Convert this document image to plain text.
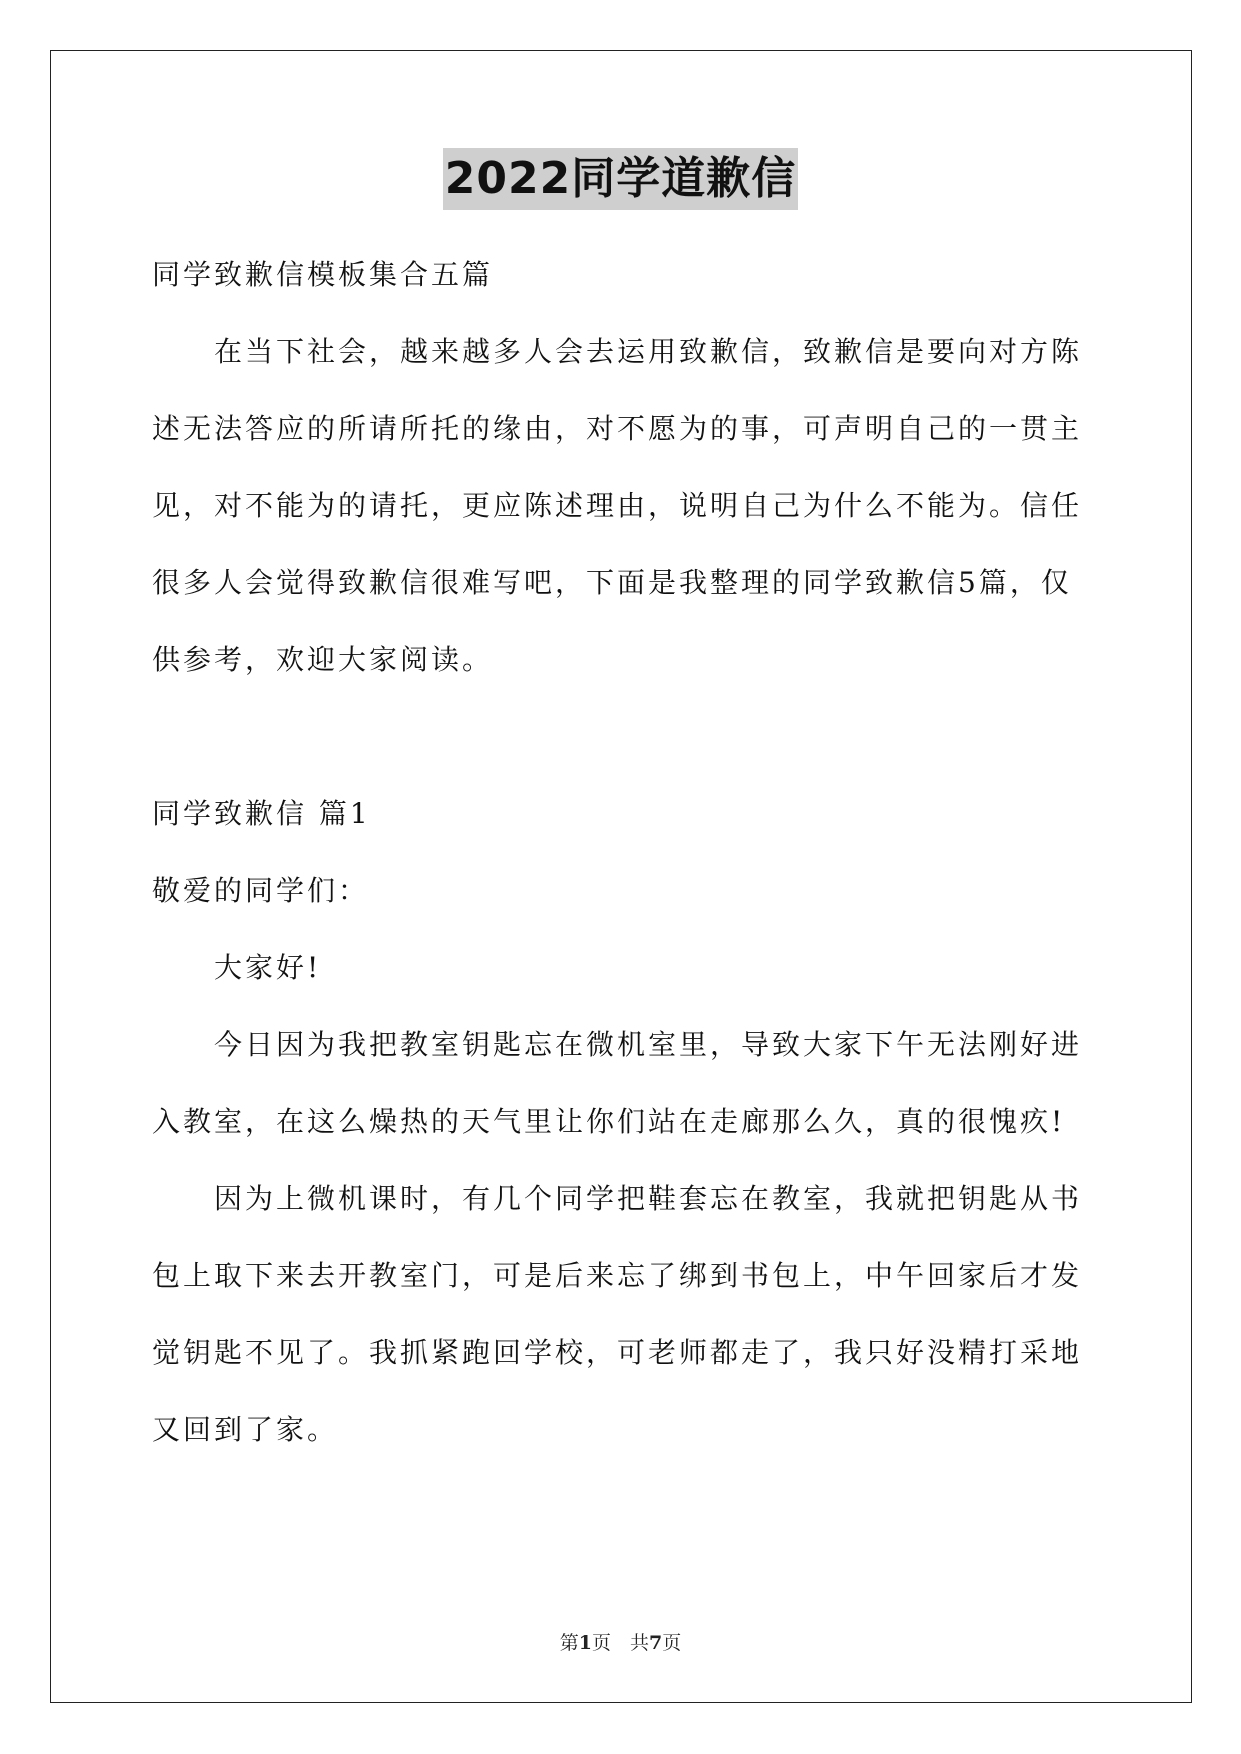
2022同学道歉信

同学致歉信模板集合五篇

在当下社会，越来越多人会去运用致歉信，致歉信是要向对方陈述无法答应的所请所托的缘由，对不愿为的事，可声明自己的一贯主见，对不能为的请托，更应陈述理由，说明自己为什么不能为。信任很多人会觉得致歉信很难写吧，下面是我整理的同学致歉信5篇，仅供参考，欢迎大家阅读。

同学致歉信 篇1

敬爱的同学们：

大家好!

今日因为我把教室钥匙忘在微机室里，导致大家下午无法刚好进入教室，在这么燥热的天气里让你们站在走廊那么久，真的很愧疚!

因为上微机课时，有几个同学把鞋套忘在教室，我就把钥匙从书包上取下来去开教室门，可是后来忘了绑到书包上，中午回家后才发觉钥匙不见了。我抓紧跑回学校，可老师都走了，我只好没精打采地又回到了家。

第1页　共7页
